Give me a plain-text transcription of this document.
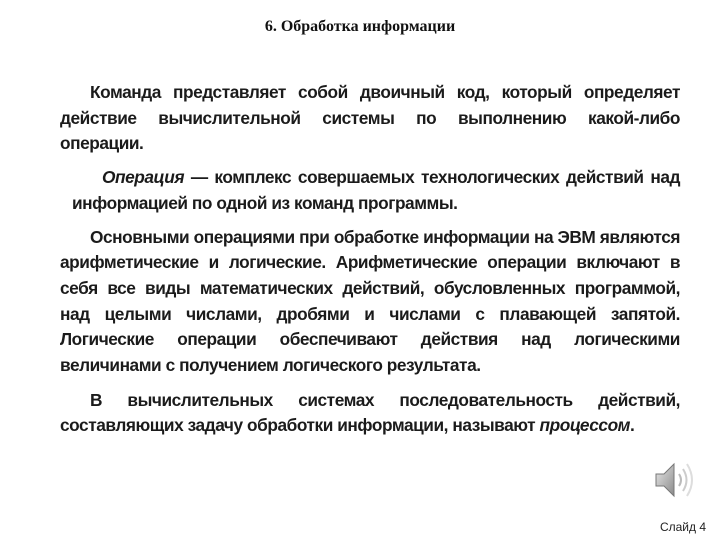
6. Обработка информации

Команда представляет собой двоичный код, который определяет действие вычислительной системы по выполнению какой-либо операции.

Операция — комплекс совершаемых технологических действий над информацией по одной из команд программы.

Основными операциями при обработке информации на ЭВМ являются арифметические и логические. Арифметические операции включают в себя все виды математических действий, обусловленных программой, над целыми числами, дробями и числами с плавающей запятой. Логические операции обеспечивают действия над логическими величинами с получением логического результата.

В вычислительных системах последовательность действий, составляющих задачу обработки информации, называют процессом.

Слайд 4
